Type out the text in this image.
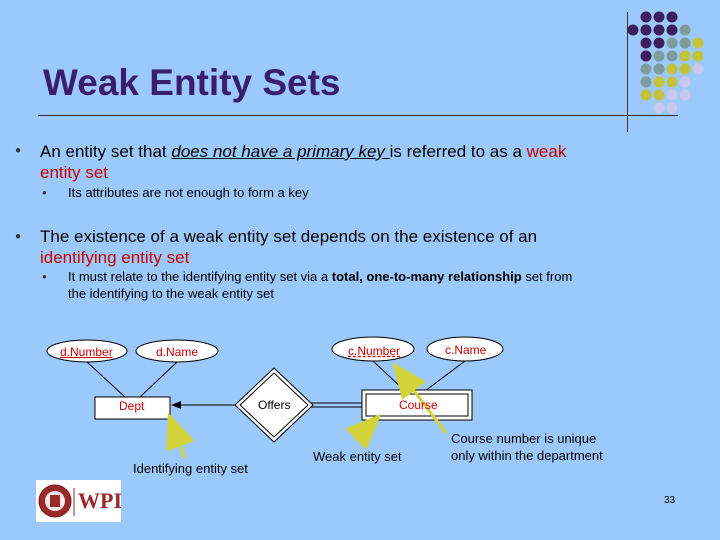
Weak Entity Sets
● An entity set that does not have a primary key is referred to as a weak
entity set
● Its attributes are not enough to form a key
● The existence of a weak entity set depends on the existence of an
identifying entity set
● It must relate to the identifying entity set via a total, one-to-many relationship set from
the identifying to the weak entity set
d.Number	d.Name	c.Number	c.Name
Dept	Offers	Course
Identifying entity set
Weak entity set
Course number is unique
only within the department
WPI	33
